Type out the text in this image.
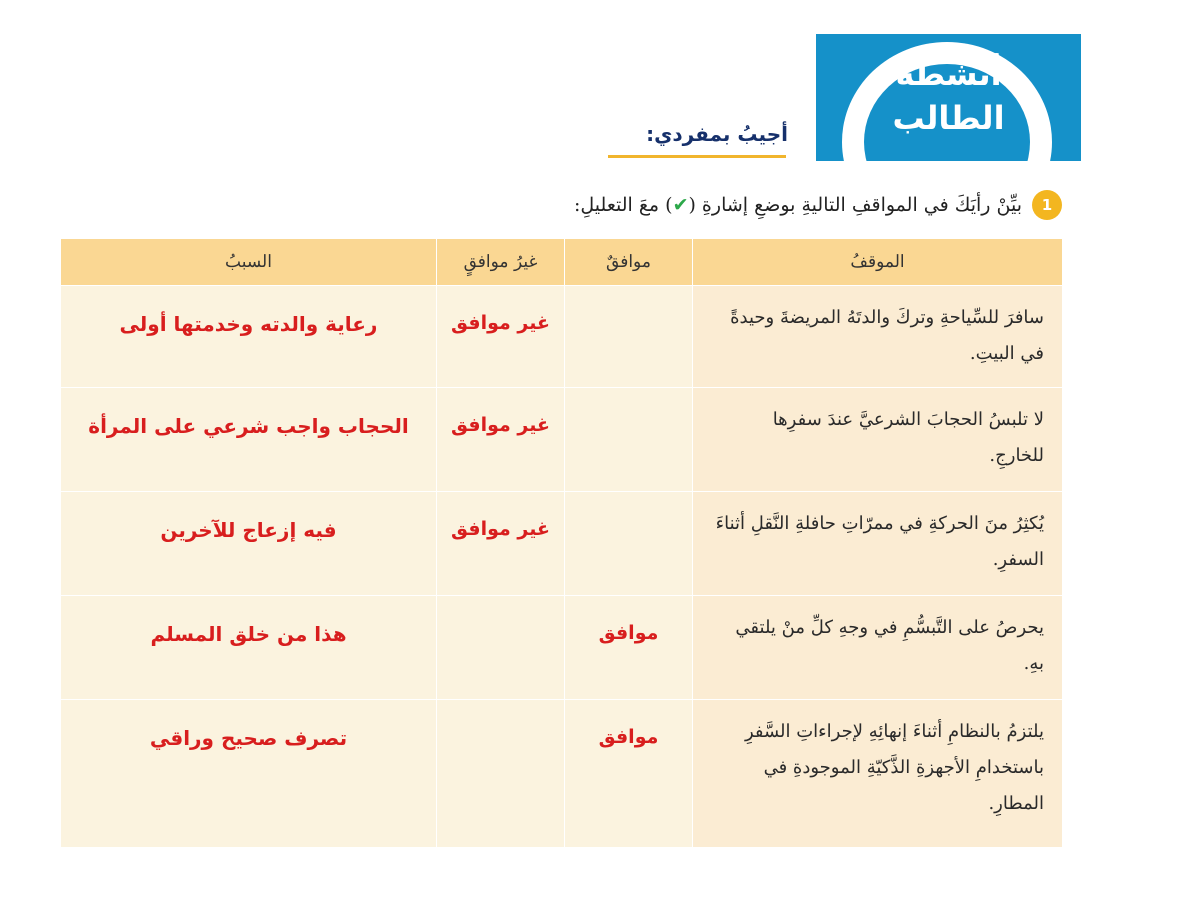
أنشطة
الطالب
أجيبُ بمفردي:
1
بيِّنْ رأيَكَ في المواقفِ التاليةِ بوضعِ إشارةِ (✔) معَ التعليلِ:
الموقفُ	موافقٌ	غيرُ موافقٍ	السببُ

سافرَ للسِّياحةِ وتركَ والدتَهُ المريضةَ وحيدةً في البيتِ.		غير موافق	رعاية والدته وخدمتها أولى

لا تلبسُ الحجابَ الشرعيَّ عندَ سفرِها للخارجِ.		غير موافق	الحجاب واجب شرعي على المرأة

يُكثِرُ منَ الحركةِ في ممرّاتِ حافلةِ النَّقلِ أثناءَ السفرِ.		غير موافق	فيه إزعاج للآخرين

يحرصُ على التَّبسُّمِ في وجهِ كلِّ منْ يلتقي بهِ.	موافق		هذا من خلق المسلم

يلتزمُ بالنظامِ أثناءَ إنهائِهِ لإجراءاتِ السَّفرِ باستخدامِ الأجهزةِ الذَّكيّةِ الموجودةِ في المطارِ.	موافق		تصرف صحيح وراقي
